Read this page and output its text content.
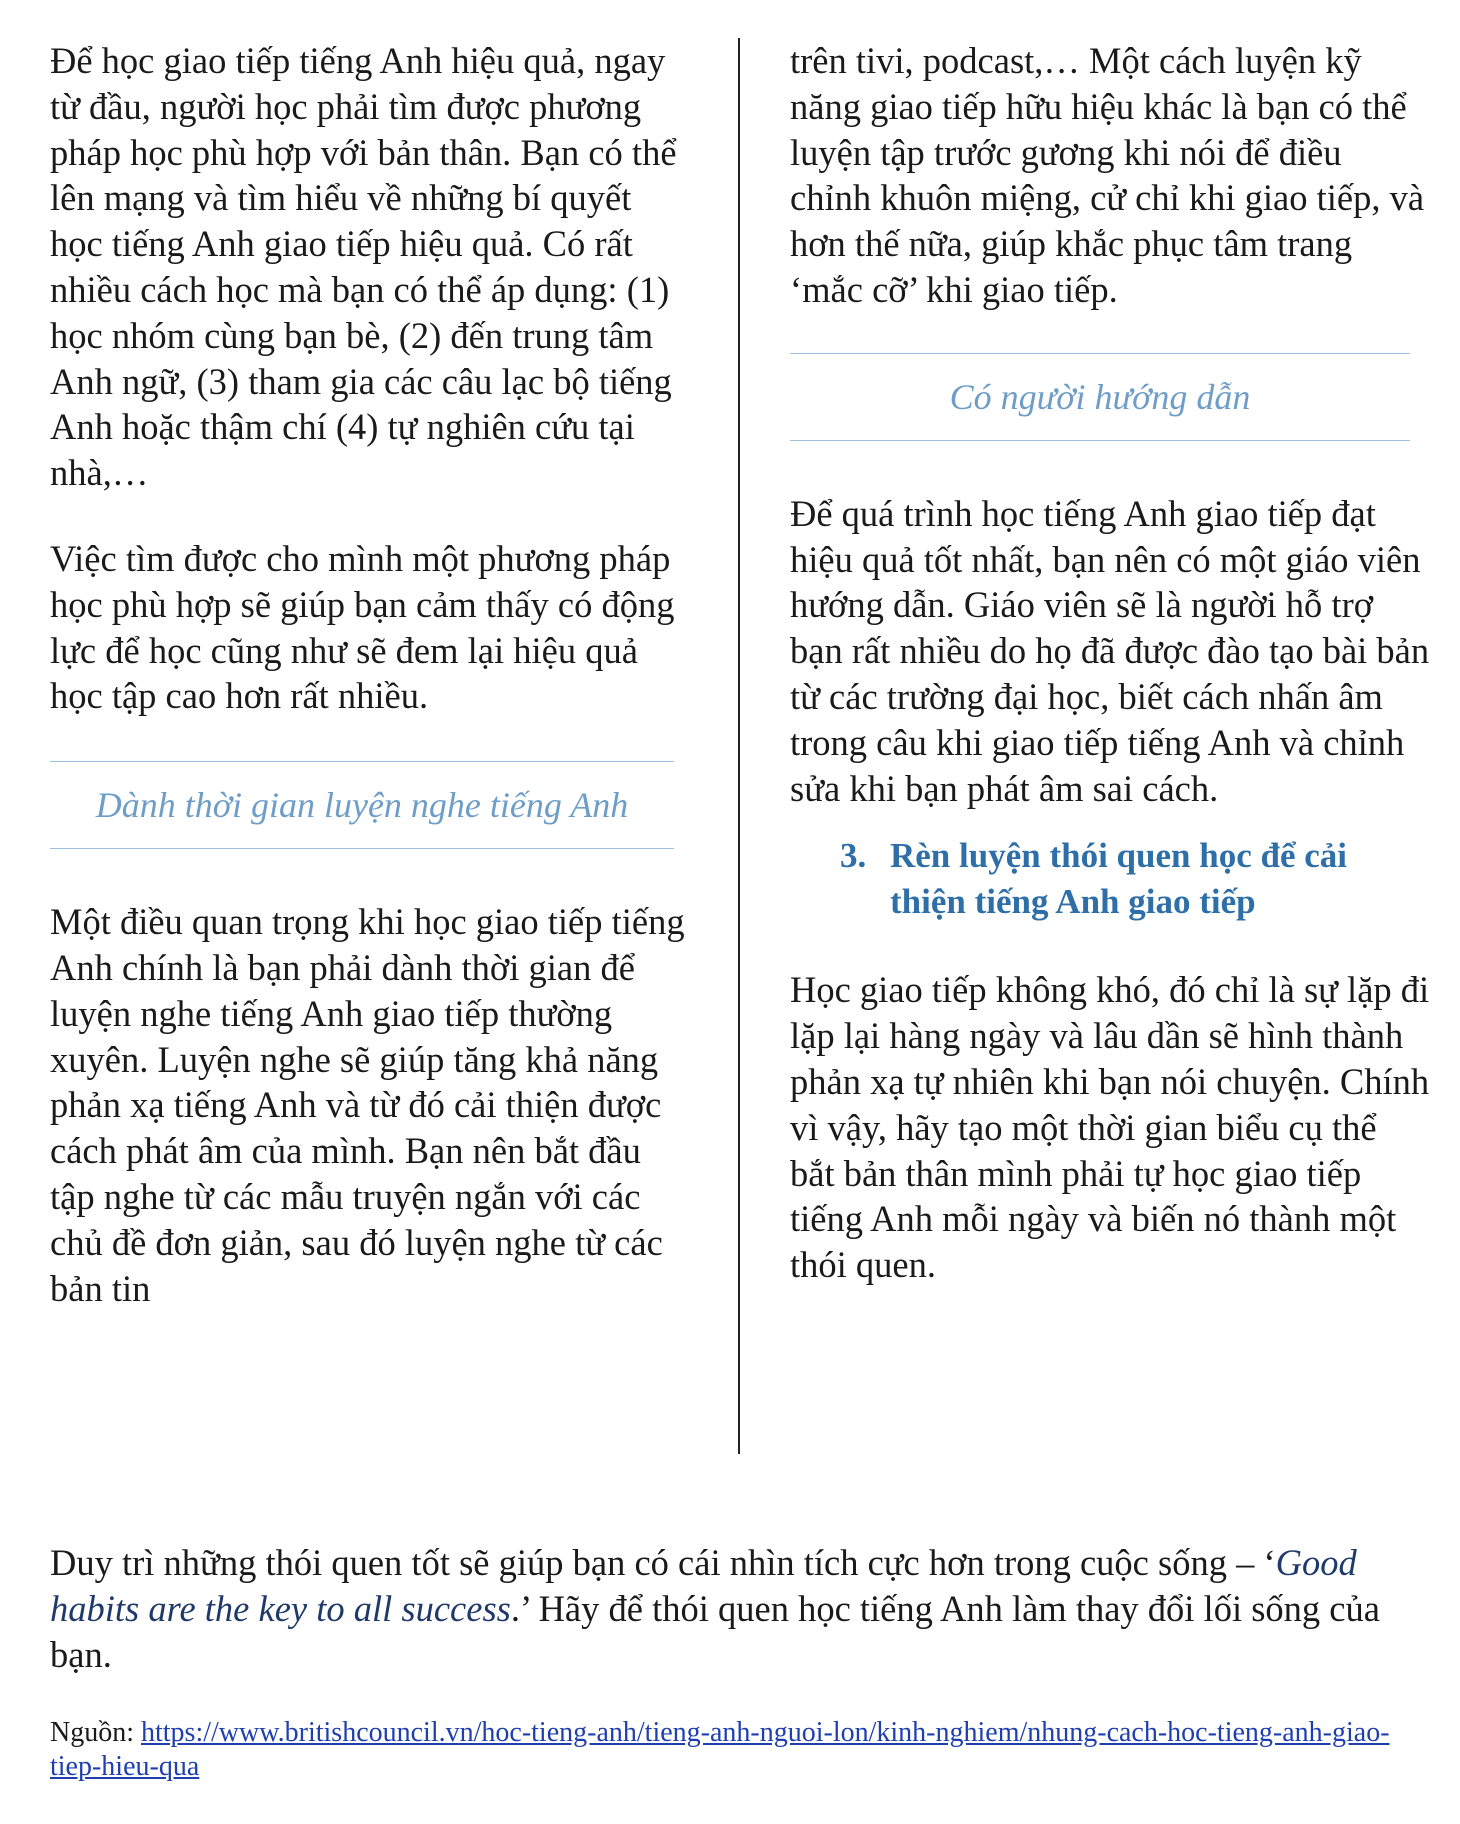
Để học giao tiếp tiếng Anh hiệu quả, ngay từ đầu, người học phải tìm được phương pháp học phù hợp với bản thân. Bạn có thể lên mạng và tìm hiểu về những bí quyết học tiếng Anh giao tiếp hiệu quả. Có rất nhiều cách học mà bạn có thể áp dụng: (1) học nhóm cùng bạn bè, (2) đến trung tâm Anh ngữ, (3) tham gia các câu lạc bộ tiếng Anh hoặc thậm chí (4) tự nghiên cứu tại nhà,…

Việc tìm được cho mình một phương pháp học phù hợp sẽ giúp bạn cảm thấy có động lực để học cũng như sẽ đem lại hiệu quả học tập cao hơn rất nhiều.

Dành thời gian luyện nghe tiếng Anh

Một điều quan trọng khi học giao tiếp tiếng Anh chính là bạn phải dành thời gian để luyện nghe tiếng Anh giao tiếp thường xuyên. Luyện nghe sẽ giúp tăng khả năng phản xạ tiếng Anh và từ đó cải thiện được cách phát âm của mình. Bạn nên bắt đầu tập nghe từ các mẫu truyện ngắn với các chủ đề đơn giản, sau đó luyện nghe từ các bản tin

trên tivi, podcast,… Một cách luyện kỹ năng giao tiếp hữu hiệu khác là bạn có thể luyện tập trước gương khi nói để điều chỉnh khuôn miệng, cử chỉ khi giao tiếp, và hơn thế nữa, giúp khắc phục tâm trang ‘mắc cỡ’ khi giao tiếp.

Có người hướng dẫn

Để quá trình học tiếng Anh giao tiếp đạt hiệu quả tốt nhất, bạn nên có một giáo viên hướng dẫn. Giáo viên sẽ là người hỗ trợ bạn rất nhiều do họ đã được đào tạo bài bản từ các trường đại học, biết cách nhấn âm trong câu khi giao tiếp tiếng Anh và chỉnh sửa khi bạn phát âm sai cách.

3. Rèn luyện thói quen học để cải thiện tiếng Anh giao tiếp

Học giao tiếp không khó, đó chỉ là sự lặp đi lặp lại hàng ngày và lâu dần sẽ hình thành phản xạ tự nhiên khi bạn nói chuyện. Chính vì vậy, hãy tạo một thời gian biểu cụ thể bắt bản thân mình phải tự học giao tiếp tiếng Anh mỗi ngày và biến nó thành một thói quen.

Duy trì những thói quen tốt sẽ giúp bạn có cái nhìn tích cực hơn trong cuộc sống – ‘Good habits are the key to all success.’ Hãy để thói quen học tiếng Anh làm thay đổi lối sống của bạn.

Nguồn: https://www.britishcouncil.vn/hoc-tieng-anh/tieng-anh-nguoi-lon/kinh-nghiem/nhung-cach-hoc-tieng-anh-giao-tiep-hieu-qua
